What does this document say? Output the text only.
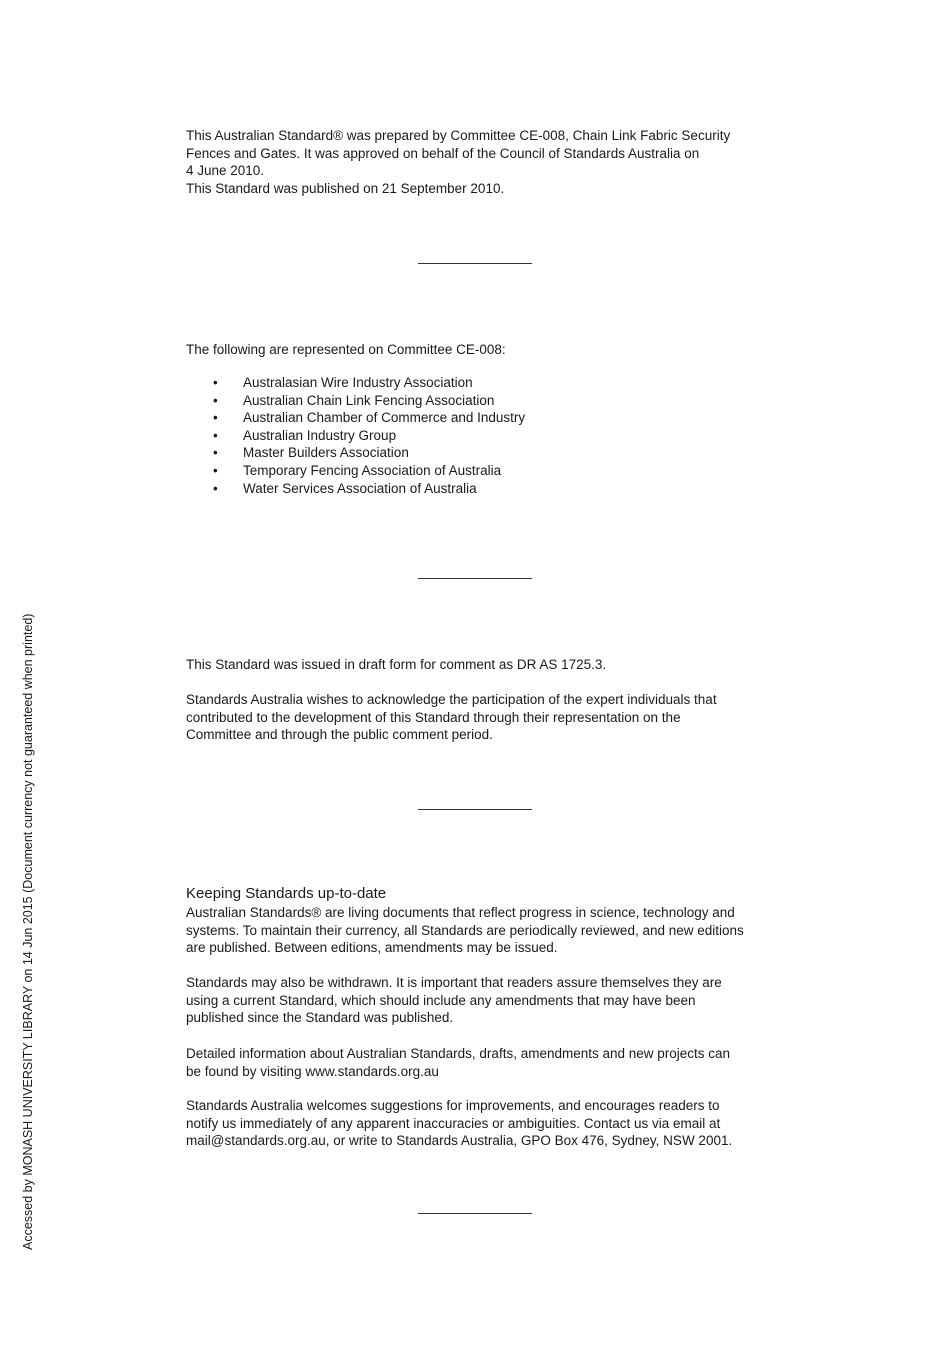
This Australian Standard® was prepared by Committee CE-008, Chain Link Fabric Security
Fences and Gates. It was approved on behalf of the Council of Standards Australia on
4 June 2010.
This Standard was published on 21 September 2010.
The following are represented on Committee CE-008:
• Australasian Wire Industry Association
• Australian Chain Link Fencing Association
• Australian Chamber of Commerce and Industry
• Australian Industry Group
• Master Builders Association
• Temporary Fencing Association of Australia
• Water Services Association of Australia
This Standard was issued in draft form for comment as DR AS 1725.3.
Standards Australia wishes to acknowledge the participation of the expert individuals that
contributed to the development of this Standard through their representation on the
Committee and through the public comment period.
Keeping Standards up-to-date
Australian Standards® are living documents that reflect progress in science, technology and
systems. To maintain their currency, all Standards are periodically reviewed, and new editions
are published. Between editions, amendments may be issued.
Standards may also be withdrawn. It is important that readers assure themselves they are
using a current Standard, which should include any amendments that may have been
published since the Standard was published.
Detailed information about Australian Standards, drafts, amendments and new projects can
be found by visiting www.standards.org.au
Standards Australia welcomes suggestions for improvements, and encourages readers to
notify us immediately of any apparent inaccuracies or ambiguities. Contact us via email at
mail@standards.org.au, or write to Standards Australia, GPO Box 476, Sydney, NSW 2001.
Accessed by MONASH UNIVERSITY LIBRARY on 14 Jun 2015 (Document currency not guaranteed when printed)
